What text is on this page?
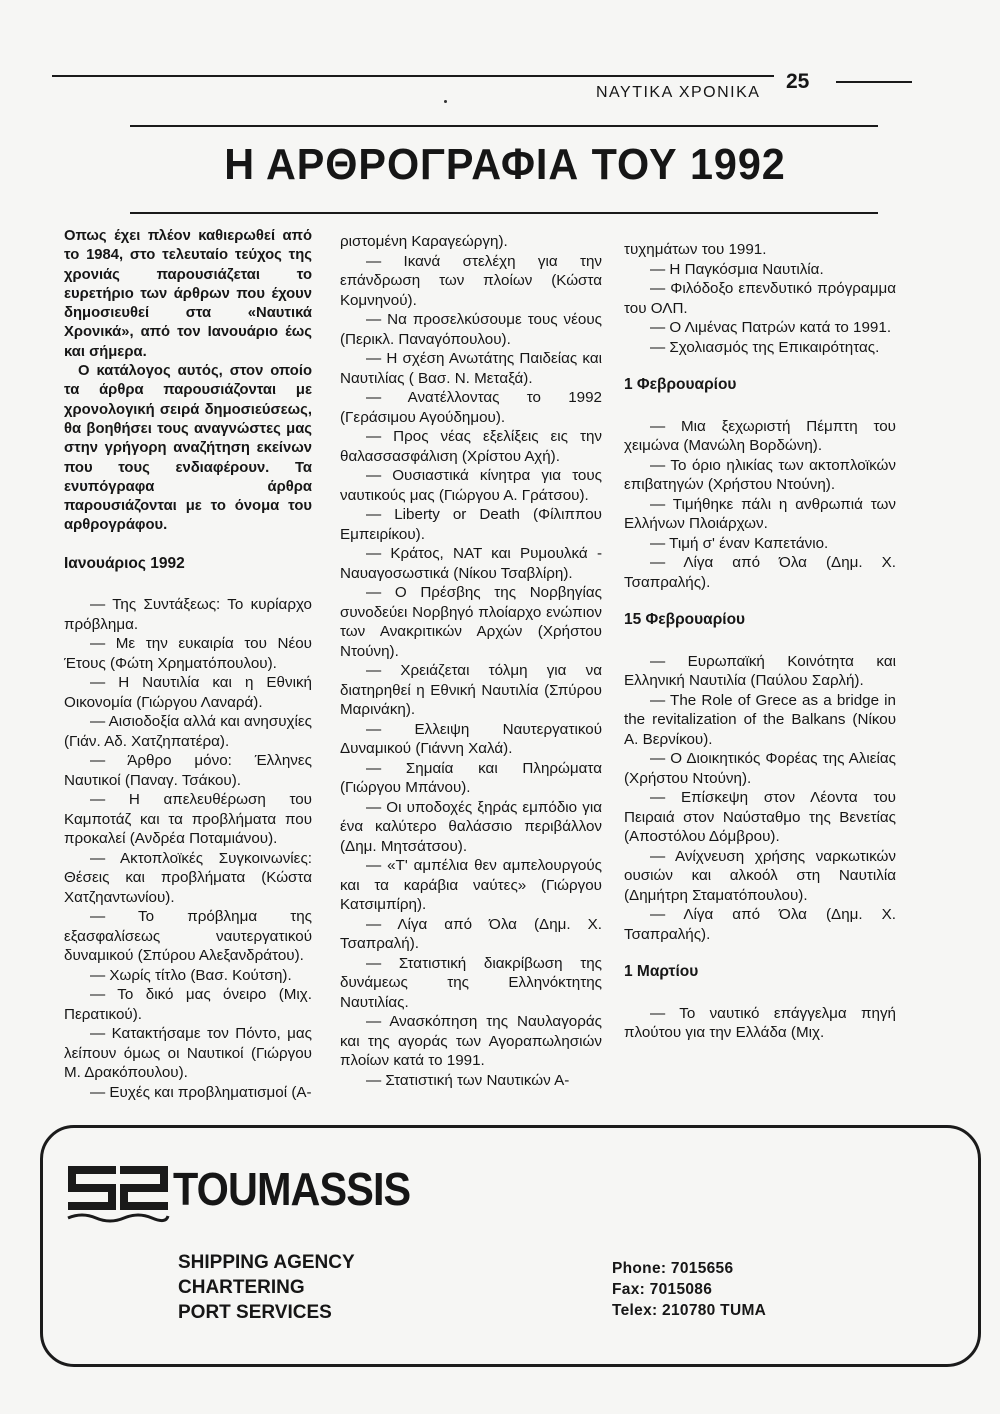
ΝΑΥΤΙΚΑ ΧΡΟΝΙΚΑ 25
Η ΑΡΘΡΟΓΡΑΦΙΑ ΤΟΥ 1992

Οπως έχει πλέον καθιερωθεί από το 1984, στο τελευταίο τεύχος της χρονιάς παρουσιάζεται το ευρετήριο των άρθρων που έχουν δημοσιευθεί στα «Ναυτικά Χρονικά», από τον Ιανουάριο έως και σήμερα.

Ο κατάλογος αυτός, στον οποίο τα άρθρα παρουσιάζονται με χρονολογική σειρά δημοσιεύσεως, θα βοηθήσει τους αναγνώστες μας στην γρήγορη αναζήτηση εκείνων που τους ενδιαφέρουν. Τα ενυπόγραφα άρθρα παρουσιάζονται με το όνομα του αρθρογράφου.

Ιανουάριος 1992

— Της Συντάξεως: Το κυρίαρχο πρόβλημα.

— Με την ευκαιρία του Νέου Έτους (Φώτη Χρηματόπουλου).

— Η Ναυτιλία και η Εθνική Οικονομία (Γιώργου Λαναρά).

— Αισιοδοξία αλλά και ανησυχίες (Γιάν. Αδ. Χατζηπατέρα).

— Άρθρο μόνο: Έλληνες Ναυτικοί (Παναγ. Τσάκου).

— Η απελευθέρωση του Καμποτάζ και τα προβλήματα που προκαλεί (Ανδρέα Ποταμιάνου).

— Ακτοπλοϊκές Συγκοινωνίες: Θέσεις και προβλήματα (Κώστα Χατζηαντωνίου).

— Το πρόβλημα της εξασφαλίσεως ναυτεργατικού δυναμικού (Σπύρου Αλεξανδράτου).

— Χωρίς τίτλο (Βασ. Κούτση).

— Το δικό μας όνειρο (Μιχ. Περατικού).

— Κατακτήσαμε τον Πόντο, μας λείπουν όμως οι Ναυτικοί (Γιώργου Μ. Δρακόπουλου).

— Ευχές και προβληματισμοί (Α-

ριστομένη Καραγεώργη).

— Ικανά στελέχη για την επάνδρωση των πλοίων (Κώστα Κομνηνού).

— Να προσελκύσουμε τους νέους (Περικλ. Παναγόπουλου).

— Η σχέση Ανωτάτης Παιδείας και Ναυτιλίας ( Βασ. Ν. Μεταξά).

— Ανατέλλοντας το 1992 (Γεράσιμου Αγούδημου).

— Προς νέας εξελίξεις εις την θαλασσασφάλιση (Χρίστου Αχή).

— Ουσιαστικά κίνητρα για τους ναυτικούς μας (Γιώργου Α. Γράτσου).

— Liberty or Death (Φίλιππου Εμπειρίκου).

— Κράτος, ΝΑΤ και Ρυμουλκά - Ναυαγοσωστικά (Νίκου Τσαβλίρη).

— Ο Πρέσβης της Νορβηγίας συνοδεύει Νορβηγό πλοίαρχο ενώπιον των Ανακριτικών Αρχών (Χρήστου Ντούνη).

— Χρειάζεται τόλμη για να διατηρηθεί η Εθνική Ναυτιλία (Σπύρου Μαρινάκη).

— Ελλειψη Ναυτεργατικού Δυναμικού (Γιάννη Χαλά).

— Σημαία και Πληρώματα (Γιώργου Μπάνου).

— Οι υποδοχές ξηράς εμπόδιο για ένα καλύτερο θαλάσσιο περιβάλλον (Δημ. Μητσάτσου).

— «Τ' αμπέλια θεν αμπελουργούς και τα καράβια ναύτες» (Γιώργου Κατσιμπίρη).

— Λίγα από Όλα (Δημ. Χ. Τσαπραλή).

— Στατιστική διακρίβωση της δυνάμεως της Ελληνόκτητης Ναυτιλίας.

— Ανασκόπηση της Ναυλαγοράς και της αγοράς των Αγοραπωλησιών πλοίων κατά το 1991.

— Στατιστική των Ναυτικών Α-

τυχημάτων του 1991.

— Η Παγκόσμια Ναυτιλία.

— Φιλόδοξο επενδυτικό πρόγραμμα του ΟΛΠ.

— Ο Λιμένας Πατρών κατά το 1991.

— Σχολιασμός της Επικαιρότητας.

1 Φεβρουαρίου

— Μια ξεχωριστή Πέμπτη του χειμώνα (Μανώλη Βορδώνη).

— Το όριο ηλικίας των ακτοπλοϊκών επιβατηγών (Χρήστου Ντούνη).

— Τιμήθηκε πάλι η ανθρωπιά των Ελλήνων Πλοιάρχων.

— Τιμή σ' έναν Καπετάνιο.

— Λίγα από Όλα (Δημ. Χ. Τσαπραλής).

15 Φεβρουαρίου

— Ευρωπαϊκή Κοινότητα και Ελληνική Ναυτιλία (Παύλου Σαρλή).

— The Role of Grece as a bridge in the revitalization of the Balkans (Νίκου Α. Βερνίκου).

— Ο Διοικητικός Φορέας της Αλιείας (Χρήστου Ντούνη).

— Επίσκεψη στον Λέοντα του Πειραιά στον Ναύσταθμο της Βενετίας (Αποστόλου Δόμβρου).

— Ανίχνευση χρήσης ναρκωτικών ουσιών και αλκοόλ στη Ναυτιλία (Δημήτρη Σταματόπουλου).

— Λίγα από Όλα (Δημ. Χ. Τσαπραλής).

1 Μαρτίου

— Το ναυτικό επάγγελμα πηγή πλούτου για την Ελλάδα (Μιχ.

TOUMASSIS
SHIPPING AGENCY
CHARTERING
PORT SERVICES
Phone: 7015656
Fax: 7015086
Telex: 210780 TUMA
